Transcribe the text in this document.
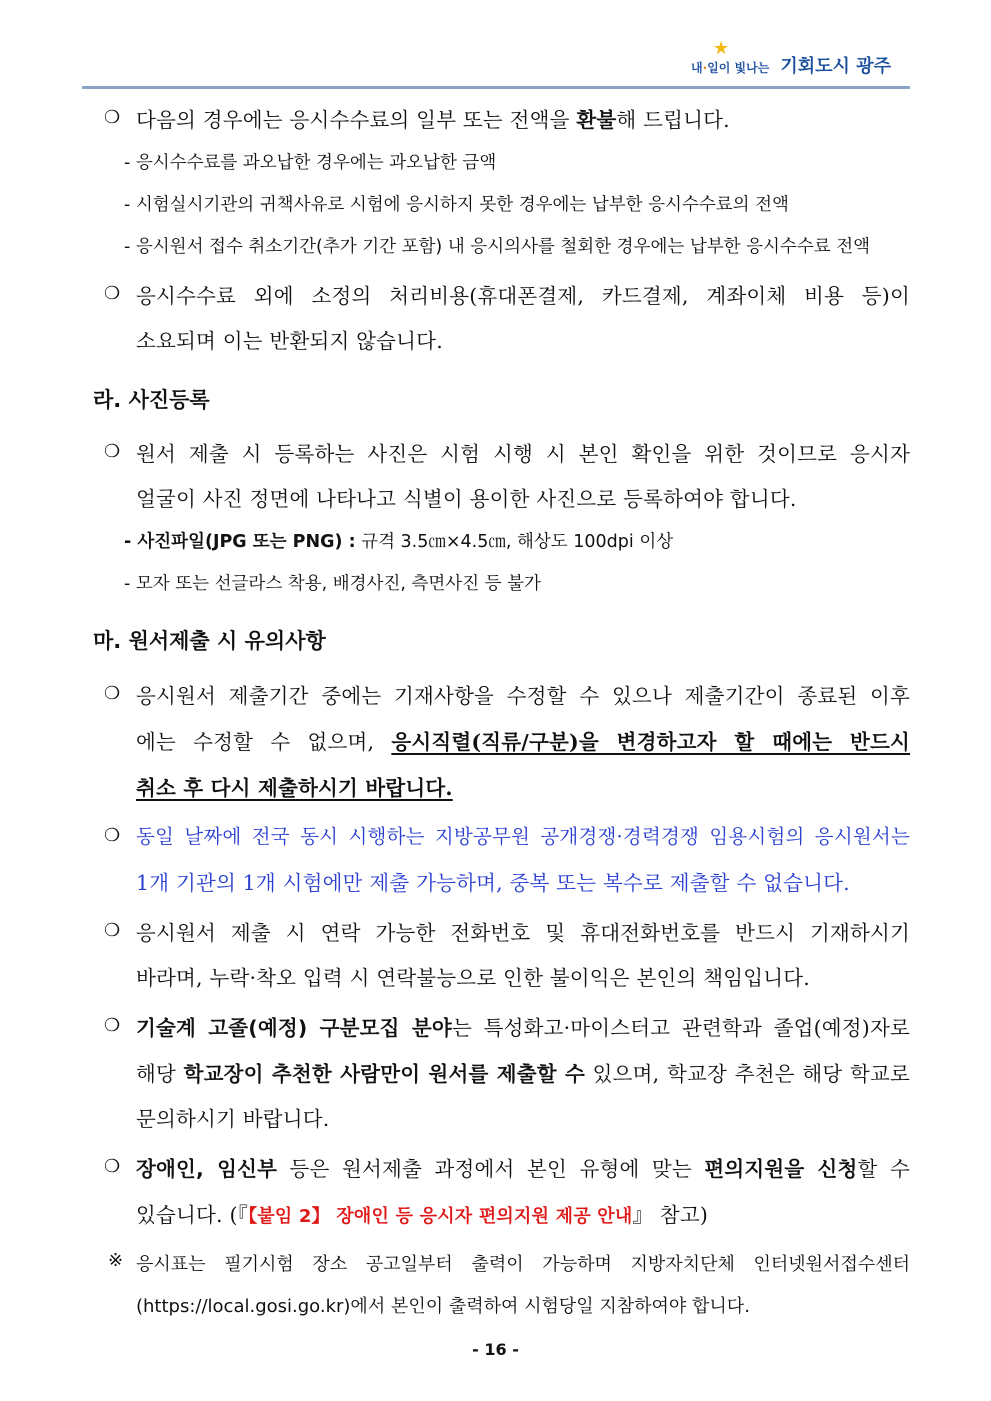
★
내·일이 빛나는 기회도시 광주
❍ 다음의 경우에는 응시수수료의 일부 또는 전액을 환불해 드립니다.
- 응시수수료를 과오납한 경우에는 과오납한 금액
- 시험실시기관의 귀책사유로 시험에 응시하지 못한 경우에는 납부한 응시수수료의 전액
- 응시원서 접수 취소기간(추가 기간 포함) 내 응시의사를 철회한 경우에는 납부한 응시수수료 전액
❍ 응시수수료 외에 소정의 처리비용(휴대폰결제, 카드결제, 계좌이체 비용 등)이
소요되며 이는 반환되지 않습니다.
라. 사진등록
❍ 원서 제출 시 등록하는 사진은 시험 시행 시 본인 확인을 위한 것이므로 응시자
얼굴이 사진 정면에 나타나고 식별이 용이한 사진으로 등록하여야 합니다.
- 사진파일(JPG 또는 PNG) : 규격 3.5㎝×4.5㎝, 해상도 100dpi 이상
- 모자 또는 선글라스 착용, 배경사진, 측면사진 등 불가
마. 원서제출 시 유의사항
❍ 응시원서 제출기간 중에는 기재사항을 수정할 수 있으나 제출기간이 종료된 이후
에는 수정할 수 없으며, 응시직렬(직류/구분)을 변경하고자 할 때에는 반드시
취소 후 다시 제출하시기 바랍니다.
❍ 동일 날짜에 전국 동시 시행하는 지방공무원 공개경쟁·경력경쟁 임용시험의 응시원서는
1개 기관의 1개 시험에만 제출 가능하며, 중복 또는 복수로 제출할 수 없습니다.
❍ 응시원서 제출 시 연락 가능한 전화번호 및 휴대전화번호를 반드시 기재하시기
바라며, 누락·착오 입력 시 연락불능으로 인한 불이익은 본인의 책임입니다.
❍ 기술계 고졸(예정) 구분모집 분야는 특성화고·마이스터고 관련학과 졸업(예정)자로
해당 학교장이 추천한 사람만이 원서를 제출할 수 있으며, 학교장 추천은 해당 학교로
문의하시기 바랍니다.
❍ 장애인, 임신부 등은 원서제출 과정에서 본인 유형에 맞는 편의지원을 신청할 수
있습니다. (『【붙임 2】 장애인 등 응시자 편의지원 제공 안내』 참고)
※ 응시표는 필기시험 장소 공고일부터 출력이 가능하며 지방자치단체 인터넷원서접수센터
(https://local.gosi.go.kr)에서 본인이 출력하여 시험당일 지참하여야 합니다.
- 16 -
